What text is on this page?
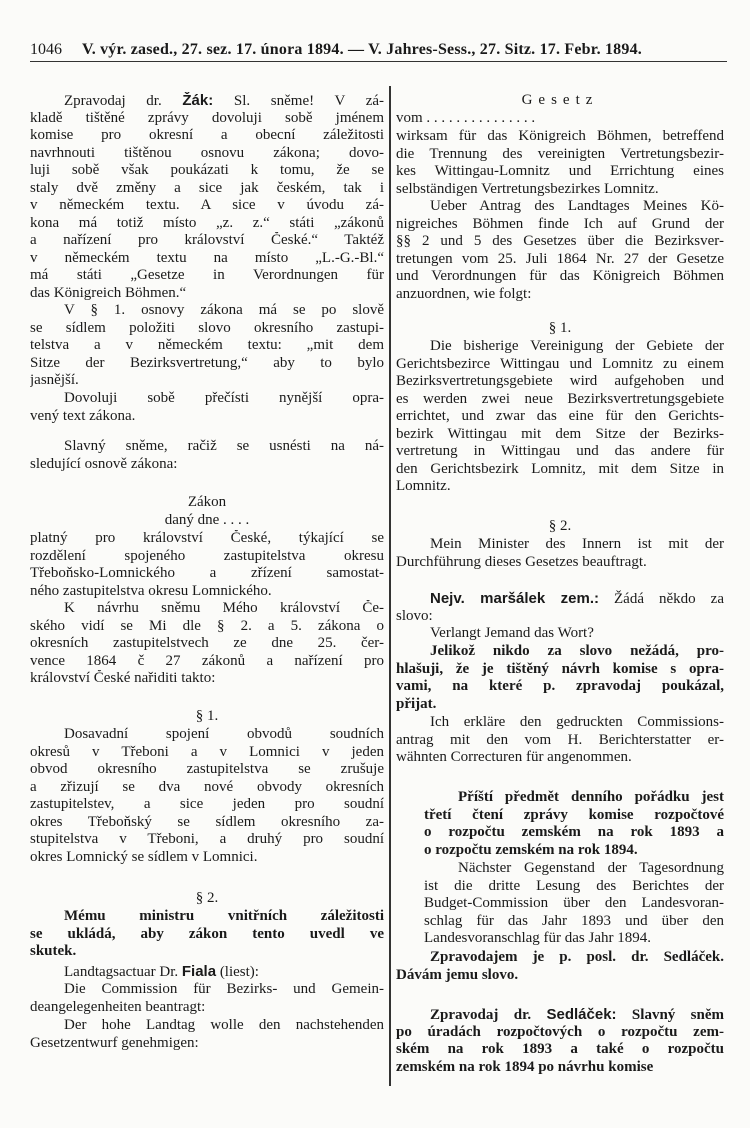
1046 V. výr. zased., 27. sez. 17. února 1894. — V. Jahres-Sess., 27. Sitz. 17. Febr. 1894.
Zpravodaj dr. Žák: Sl. sněme! V zá-
kladě tištěné zprávy dovoluji sobě jménem
komise pro okresní a obecní záležitosti
navrhnouti tištěnou osnovu zákona; dovo-
luji sobě však poukázati k tomu, že se
staly dvě změny a sice jak českém, tak i
v německém textu. A sice v úvodu zá-
kona má totiž místo „z. z.“ státi „zákonů
a nařízení pro království České.“ Taktéž
v německém textu na místo „L.-G.-Bl.“
má státi „Gesetze in Verordnungen für
das Königreich Böhmen.“
V § 1. osnovy zákona má se po slově
se sídlem položiti slovo okresního zastupi-
telstva a v německém textu: „mit dem
Sitze der Bezirksvertretung,“ aby to bylo
jasnější.
Dovoluji sobě přečísti nynější opra-
vený text zákona.
Slavný sněme, račiž se usnésti na ná-
sledující osnově zákona:
Zákon
daný dne . . . .
platný pro království České, týkající se
rozdělení spojeného zastupitelstva okresu
Třeboňsko-Lomnického a zřízení samostat-
ného zastupitelstva okresu Lomnického.
K návrhu sněmu Mého království Če-
ského vidí se Mi dle § 2. a 5. zákona o
okresních zastupitelstvech ze dne 25. čer-
vence 1864 č 27 zákonů a nařízení pro
království České nařiditi takto:
§ 1.
Dosavadní spojení obvodů soudních
okresů v Třeboni a v Lomnici v jeden
obvod okresního zastupitelstva se zrušuje
a zřizují se dva nové obvody okresních
zastupitelstev, a sice jeden pro soudní
okres Třeboňský se sídlem okresního za-
stupitelstva v Třeboni, a druhý pro soudní
okres Lomnický se sídlem v Lomnici.
§ 2.
Mému ministru vnitřních záležitosti
se ukládá, aby zákon tento uvedl ve
skutek.
Landtagsactuar Dr. Fiala (liest):
Die Commission für Bezirks- und Gemein-
deangelegenheiten beantragt:
Der hohe Landtag wolle den nachstehenden
Gesetzentwurf genehmigen:
Gesetz
vom . . . . . . . . . . . . . . .
wirksam für das Königreich Böhmen, betreffend
die Trennung des vereinigten Vertretungsbezir-
kes Wittingau-Lomnitz und Errichtung eines
selbständigen Vertretungsbezirkes Lomnitz.
Ueber Antrag des Landtages Meines Kö-
nigreiches Böhmen finde Ich auf Grund der
§§ 2 und 5 des Gesetzes über die Bezirksver-
tretungen vom 25. Juli 1864 Nr. 27 der Gesetze
und Verordnungen für das Königreich Böhmen
anzuordnen, wie folgt:
§ 1.
Die bisherige Vereinigung der Gebiete der
Gerichtsbezirce Wittingau und Lomnitz zu einem
Bezirksvertretungsgebiete wird aufgehoben und
es werden zwei neue Bezirksvertretungsgebiete
errichtet, und zwar das eine für den Gerichts-
bezirk Wittingau mit dem Sitze der Bezirks-
vertretung in Wittingau und das andere für
den Gerichtsbezirk Lomnitz, mit dem Sitze in
Lomnitz.
§ 2.
Mein Minister des Innern ist mit der
Durchführung dieses Gesetzes beauftragt.
Nejv. maršálek zem.: Žádá někdo za
slovo:
Verlangt Jemand das Wort?
Jelikož nikdo za slovo nežádá, pro-
hlašuji, že je tištěný návrh komise s opra-
vami, na které p. zpravodaj poukázal,
přijat.
Ich erkläre den gedruckten Commissions-
antrag mit den vom H. Berichterstatter er-
wähnten Correcturen für angenommen.
Příští předmět denního pořádku jest
třetí čtení zprávy komise rozpočtové
o rozpočtu zemském na rok 1893 a
o rozpočtu zemském na rok 1894.
Nächster Gegenstand der Tagesordnung
ist die dritte Lesung des Berichtes der
Budget-Commission über den Landesvoran-
schlag für das Jahr 1893 und über den
Landesvoranschlag für das Jahr 1894.
Zpravodajem je p. posl. dr. Sedláček.
Dávám jemu slovo.
Zpravodaj dr. Sedláček: Slavný sněm
po úradách rozpočtových o rozpočtu zem-
ském na rok 1893 a také o rozpočtu
zemském na rok 1894 po návrhu komise
